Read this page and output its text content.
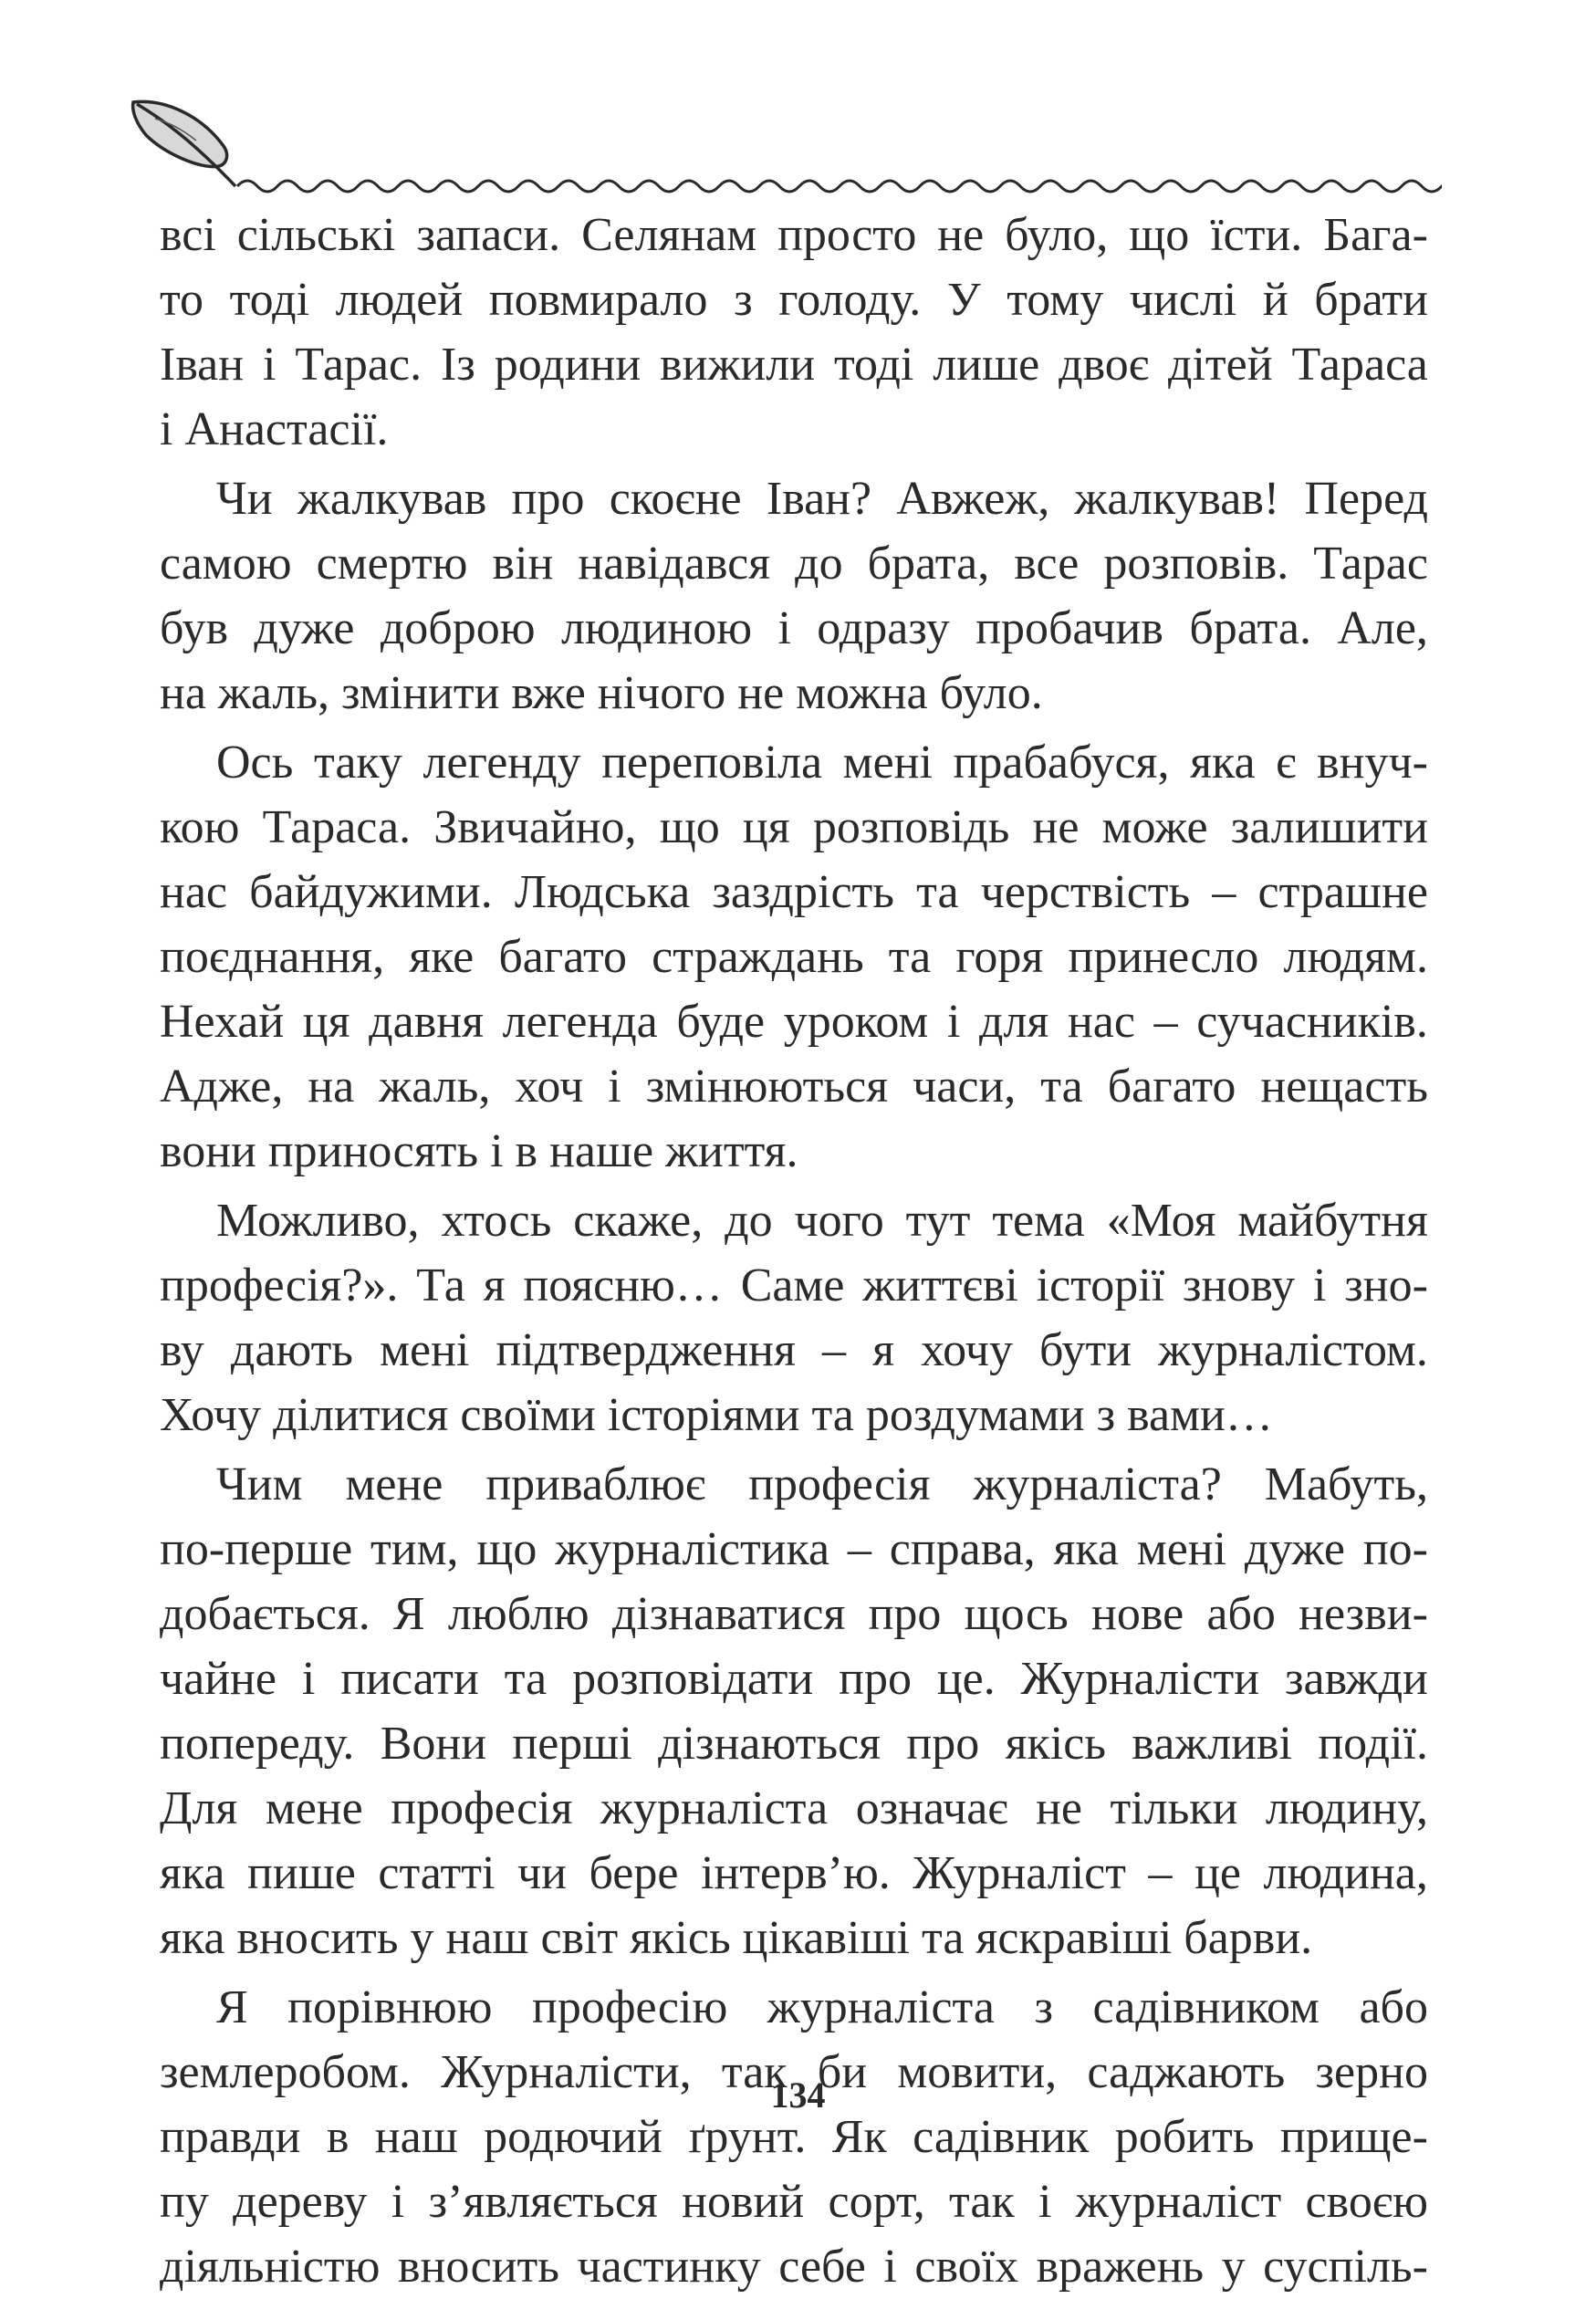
всі сільські запаси. Селянам просто не було, що їсти. Бага-
то тоді людей повмирало з голоду. У тому числі й брати
Іван і Тарас. Із родини вижили тоді лише двоє дітей Тараса
і Анастасії.
Чи жалкував про скоєне Іван? Авжеж, жалкував! Перед
самою смертю він навідався до брата, все розповів. Тарас
був дуже доброю людиною і одразу пробачив брата. Але,
на жаль, змінити вже нічого не можна було.
Ось таку легенду переповіла мені прабабуся, яка є внуч-
кою Тараса. Звичайно, що ця розповідь не може залишити
нас байдужими. Людська заздрість та черствість – страшне
поєднання, яке багато страждань та горя принесло людям.
Нехай ця давня легенда буде уроком і для нас – сучасників.
Адже, на жаль, хоч і змінюються часи, та багато нещасть
вони приносять і в наше життя.
Можливо, хтось скаже, до чого тут тема «Моя майбутня
професія?». Та я поясню… Саме життєві історії знову і зно-
ву дають мені підтвердження – я хочу бути журналістом.
Хочу ділитися своїми історіями та роздумами з вами…
Чим мене приваблює професія журналіста? Мабуть,
по-перше тим, що журналістика – справа, яка мені дуже по-
добається. Я люблю дізнаватися про щось нове або незви-
чайне і писати та розповідати про це. Журналісти завжди
попереду. Вони перші дізнаються про якісь важливі події.
Для мене професія журналіста означає не тільки людину,
яка пише статті чи бере інтерв’ю. Журналіст – це людина,
яка вносить у наш світ якісь цікавіші та яскравіші барви.
Я порівнюю професію журналіста з садівником або
землеробом. Журналісти, так би мовити, саджають зерно
правди в наш родючий ґрунт. Як садівник робить прище-
пу дереву і з’являється новий сорт, так і журналіст своєю
діяльністю вносить частинку себе і своїх вражень у суспіль-
134
